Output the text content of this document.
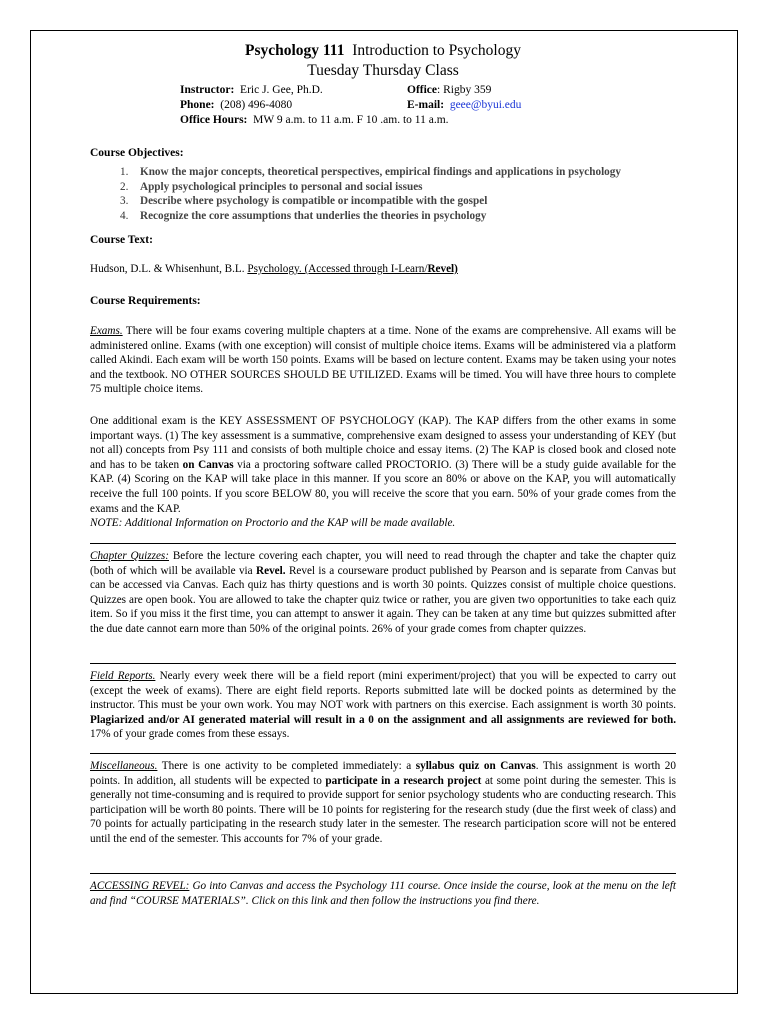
Psychology 111 Introduction to Psychology
Tuesday Thursday Class
Instructor: Eric J. Gee, Ph.D.	Office: Rigby 359
Phone: (208) 496-4080	E-mail: geee@byui.edu
Office Hours: MW 9 a.m. to 11 a.m. F 10 .am. to 11 a.m.
Course Objectives:
1. Know the major concepts, theoretical perspectives, empirical findings and applications in psychology
2. Apply psychological principles to personal and social issues
3. Describe where psychology is compatible or incompatible with the gospel
4. Recognize the core assumptions that underlies the theories in psychology
Course Text:
Hudson, D.L. & Whisenhunt, B.L. Psychology. (Accessed through I-Learn/Revel)
Course Requirements:
Exams. There will be four exams covering multiple chapters at a time. None of the exams are comprehensive. All exams will be administered online. Exams (with one exception) will consist of multiple choice items. Exams will be administered via a platform called Akindi. Each exam will be worth 150 points. Exams will be based on lecture content. Exams may be taken using your notes and the textbook. NO OTHER SOURCES SHOULD BE UTILIZED. Exams will be timed. You will have three hours to complete 75 multiple choice items.
One additional exam is the KEY ASSESSMENT OF PSYCHOLOGY (KAP). The KAP differs from the other exams in some important ways. (1) The key assessment is a summative, comprehensive exam designed to assess your understanding of KEY (but not all) concepts from Psy 111 and consists of both multiple choice and essay items. (2) The KAP is closed book and closed note and has to be taken on Canvas via a proctoring software called PROCTORIO. (3) There will be a study guide available for the KAP. (4) Scoring on the KAP will take place in this manner. If you score an 80% or above on the KAP, you will automatically receive the full 100 points. If you score BELOW 80, you will receive the score that you earn. 50% of your grade comes from the exams and the KAP.
NOTE: Additional Information on Proctorio and the KAP will be made available.
Chapter Quizzes: Before the lecture covering each chapter, you will need to read through the chapter and take the chapter quiz (both of which will be available via Revel. Revel is a courseware product published by Pearson and is separate from Canvas but can be accessed via Canvas. Each quiz has thirty questions and is worth 30 points. Quizzes consist of multiple choice questions. Quizzes are open book. You are allowed to take the chapter quiz twice or rather, you are given two opportunities to take each quiz item. So if you miss it the first time, you can attempt to answer it again. They can be taken at any time but quizzes submitted after the due date cannot earn more than 50% of the original points. 26% of your grade comes from chapter quizzes.
Field Reports. Nearly every week there will be a field report (mini experiment/project) that you will be expected to carry out (except the week of exams). There are eight field reports. Reports submitted late will be docked points as determined by the instructor. This must be your own work. You may NOT work with partners on this exercise. Each assignment is worth 30 points. Plagiarized and/or AI generated material will result in a 0 on the assignment and all assignments are reviewed for both. 17% of your grade comes from these essays.
Miscellaneous. There is one activity to be completed immediately: a syllabus quiz on Canvas. This assignment is worth 20 points. In addition, all students will be expected to participate in a research project at some point during the semester. This is generally not time-consuming and is required to provide support for senior psychology students who are conducting research. This participation will be worth 80 points. There will be 10 points for registering for the research study (due the first week of class) and 70 points for actually participating in the research study later in the semester. The research participation score will not be entered until the end of the semester. This accounts for 7% of your grade.
ACCESSING REVEL: Go into Canvas and access the Psychology 111 course. Once inside the course, look at the menu on the left and find “COURSE MATERIALS”. Click on this link and then follow the instructions you find there.
